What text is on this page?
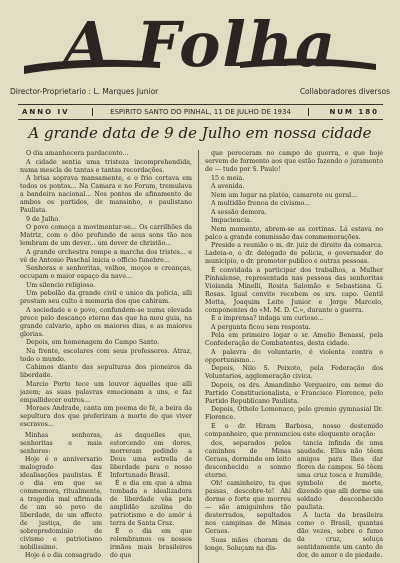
A Folha
Director-Proprietario : L. Marques Junior	Collaboradores diversos
ANNO IV	ESPIRITO SANTO DO PINHAL, 11 DE JULHO DE 1934	NUM 180
A grande data de 9 de Julho em nossa cidade

O dia amanhecera pardacento...

A cidade sentia uma tristeza incomprehendida, numa mescla de tantas e tantas recordações.

A brisa soprava mansamente, e o frio cortava em todos os pontos... Na Camara e no Forum, tremulava a bandeira nacional... Nos pontos de afinamento de ambos os partidos, de mansinho, o paulistano Paulista.

9 de Julho.

O povo começa a movimentar-se... Os carrilhões da Matriz, com o dôo profundo de seus sons tão nos lembram de um dever... um dever de christão...

A grande orchestra rompe a marcha dos tristes... e vê de Antonio Paschal inicia o officio funebre...

Senhoras e senhoritas, velhos, moços e creanças, occupam o maior espaço da nave...

Um silencio religioso.

Um pebolão da grande civil e unico da policia, alli prestam seu culto á memoria dos que cahiram.

A sociedade e o povo, confundem-se numa elevada prece pelo descanço eterno das que ha meu guia, na grande calvario, apho os maiores dias, e as maiores glorias.

Depois, em homenagem do Campo Santo.

Na frente, escolares com seus professores. Atraz, todo o mundo.

Cahimos diante das sepulturas dos pioneiros da liberdade.

Marcio Porto tece um louvor áquelles que alli jazem; as suas palavras emocionam a uns, e faz empallidecer outros...

Moraes Andrade, canta um poema de fé, a beira da sepultura dos que preferiram a morte do que viver escravos...

Minhas senhoras, senhoritas e mais senhores:

Hoje é o anniversario malogrado das idealisações paulistas. É o dia em que se commemora, ritualmente, a tragedia mal afirmada de um só povo de liberdade, de um affecto de justiça, de um sobrepredominio de civismo e patriotismo nobilissimo.

Hoje é o dia consagrado

ás daquelles que, estorcendo em dores, morreram pedindo a Deus uma estrella de liberdade para o nosso Infortunado Brasil.

É o dia em que a alma tombada e idealizadora de liberdade vôa pela amplidão azulina do patriotismo e do amôr á terra de Santa Cruz.

É o dia em que relembramos os nossos irmãos mais brasileiros do que

que pereceram no campo de guerra, e que hoje servem de formento aos que estão fazendo o juramento de — tudo por S. Paulo!

15 e meia.

A avenida.

Nem um lugar na platéa, camarote ou geral...

A multidão frenoa de civismo...

A sessão demora.

Impaciencia.

Nem momento, abrem-se as cortinas. Lá estava no palco a grande commissão das commemorações.

Preside a reunião o m. dr. juiz de direito da comarca. Ladeia-o, o dr. delegado de policia, o governador do municipio, o dr. promotor publico e outras pessoas.

É convidada a participar dos trabalhos, a Mulher Pinhalense, representada nas pessoas das senhoritas Violanda Minelli, Rosita Salomão e Sebastiana G. Rosas. Igual convite recebem os srs. capo. Gentil Motta, Joaquim Leite Junior e Jorge Marcelo, componentes do «M. M. D. C.», durante a guerra.

E a imprensa? indaga um curioso...

A pergunta ficou sem resposta.

Pela em primeiro logar o sr. Amelio Benassi, pela Confederação de Combatentes, desta cidade.

A palavra do voluntario, é violenta contra o opportunismo...

Depois, Nilo S. Peixoto, pela Federação dos Voluntarios, agglomeração civica.

Depois, os drs. Amandinho Vergueiro, em nome do Partido Constitucionalista, e Francisco Florence, pelo Partido Republicano Paulista.

Depois, Othelo Lomonaco, pelo gremio gymnasial Dr. Florence.

E o dr. Hiram Barbosa, nosso destemido companheiro, que pronunciou este eloquente oração:

dos, separados pelos caminhos de Minas Geraes, dormindo em leito desconhecido o somno eterno.

Oh! caminheiro, tu que passas, descobre-te! Ahi dorme o forte que morreu — são amiguinhos tão desterrados, sepultados nos campinas de Minas Geraes.

Suas mães choram de longe. Soluçam na dis-

tancia infinda de uma saudade. Elles não têem amigos para lhes dar flores de campos. Só têem uma cruz tosca e humilde, symbolo de morte, dizendo que alli dorme um soldado desconhecido paulista.

A lucta da brasileira como o Brasil, quantas dão vezes, sobre o fumo da cruz, soluça sentidamente um canto de dor, de amor e de piedade.
